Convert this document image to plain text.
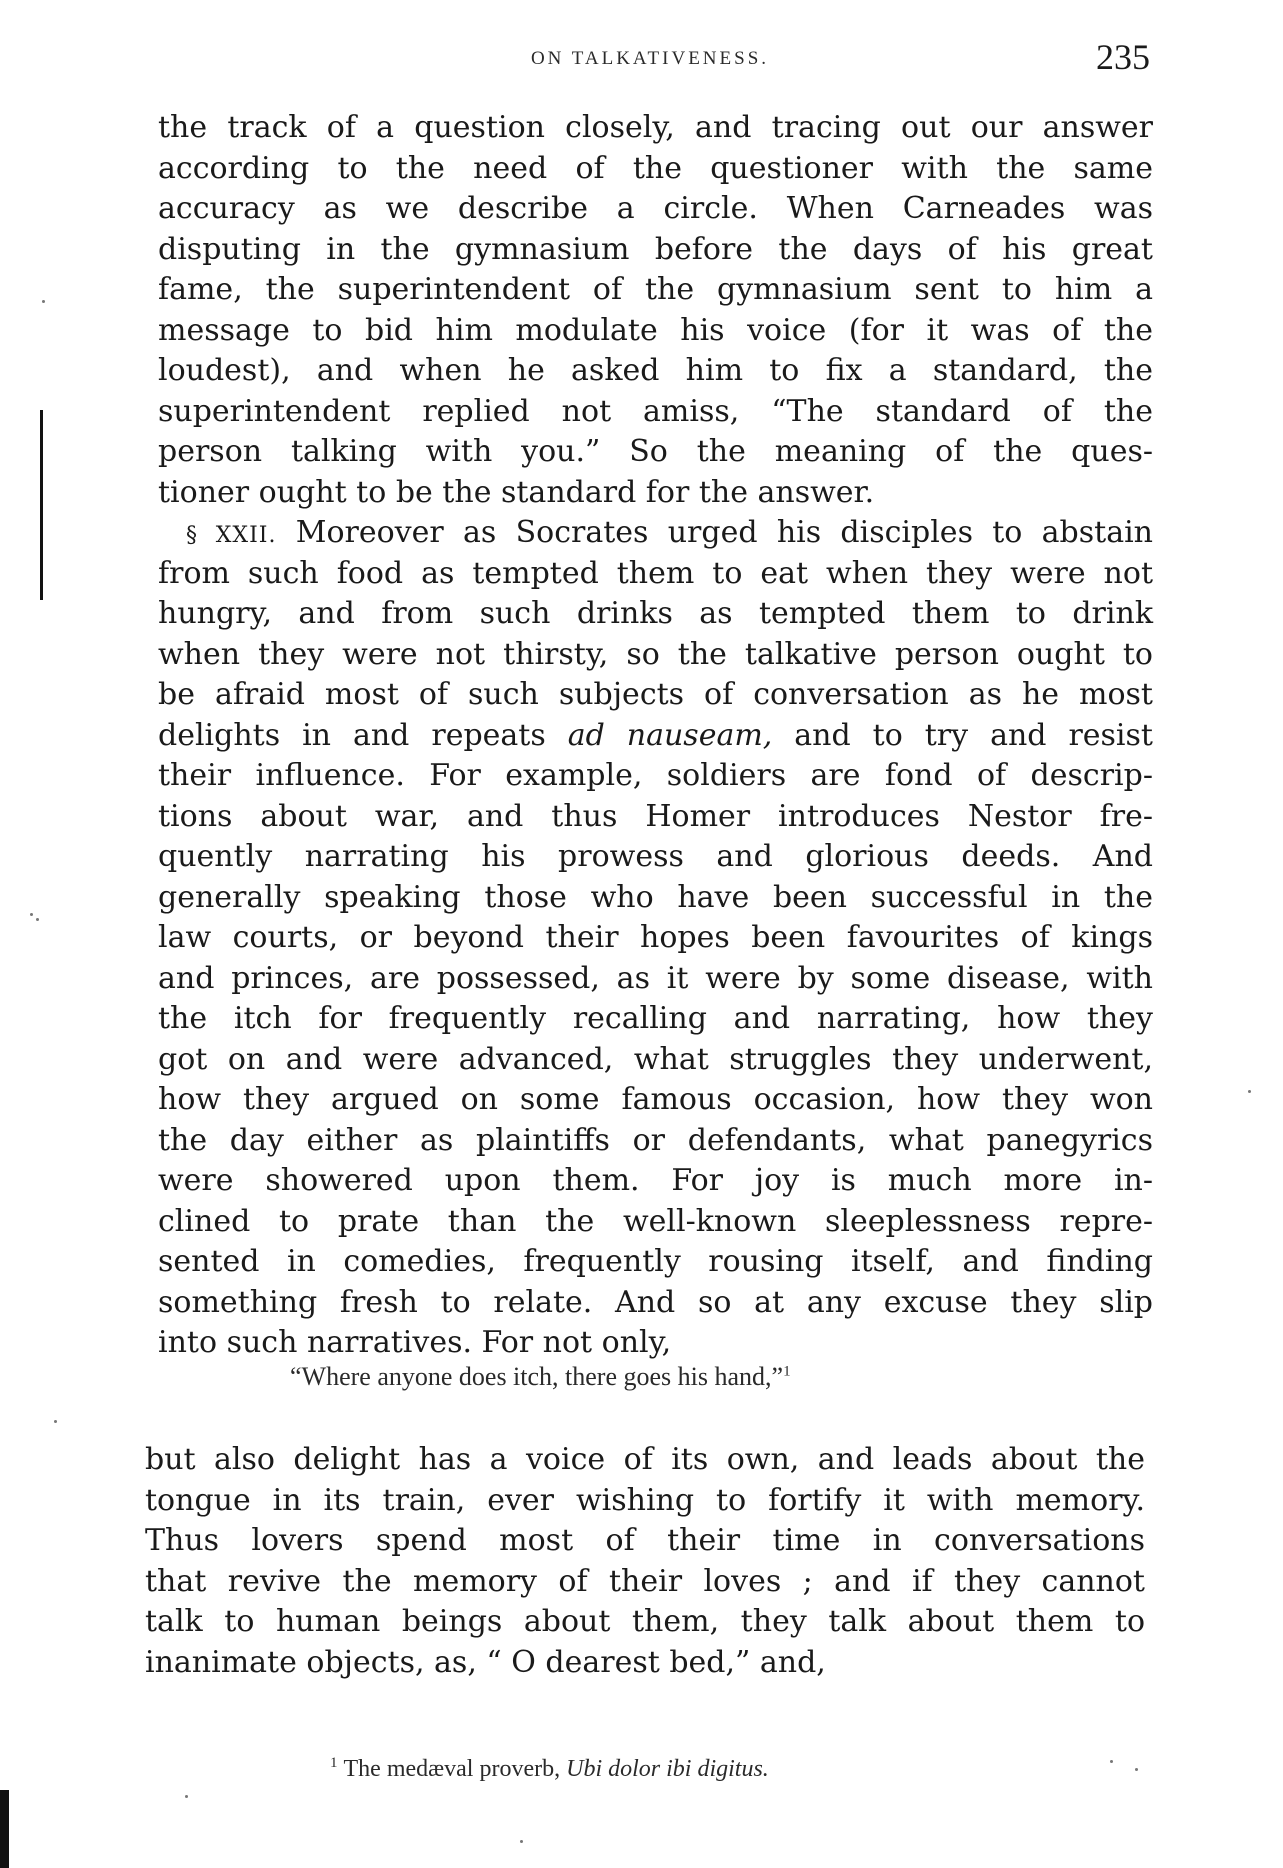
ON TALKATIVENESS.	235
the track of a question closely, and tracing out our answer
according to the need of the questioner with the same
accuracy as we describe a circle. When Carneades was
disputing in the gymnasium before the days of his great
fame, the superintendent of the gymnasium sent to him a
message to bid him modulate his voice (for it was of the
loudest), and when he asked him to fix a standard, the
superintendent replied not amiss, “The standard of the
person talking with you.” So the meaning of the ques-
tioner ought to be the standard for the answer.
§ XXII. Moreover as Socrates urged his disciples to abstain
from such food as tempted them to eat when they were not
hungry, and from such drinks as tempted them to drink
when they were not thirsty, so the talkative person ought to
be afraid most of such subjects of conversation as he most
delights in and repeats ad nauseam, and to try and resist
their influence. For example, soldiers are fond of descrip-
tions about war, and thus Homer introduces Nestor fre-
quently narrating his prowess and glorious deeds. And
generally speaking those who have been successful in the
law courts, or beyond their hopes been favourites of kings
and princes, are possessed, as it were by some disease, with
the itch for frequently recalling and narrating, how they
got on and were advanced, what struggles they underwent,
how they argued on some famous occasion, how they won
the day either as plaintiffs or defendants, what panegyrics
were showered upon them. For joy is much more in-
clined to prate than the well-known sleeplessness repre-
sented in comedies, frequently rousing itself, and finding
something fresh to relate. And so at any excuse they slip
into such narratives. For not only,
“Where anyone does itch, there goes his hand,”$^1$
but also delight has a voice of its own, and leads about the
tongue in its train, ever wishing to fortify it with memory.
Thus lovers spend most of their time in conversations
that revive the memory of their loves ; and if they cannot
talk to human beings about them, they talk about them to
inanimate objects, as, “ O dearest bed,” and,
$^1$ The medæval proverb, Ubi dolor ibi digitus.
